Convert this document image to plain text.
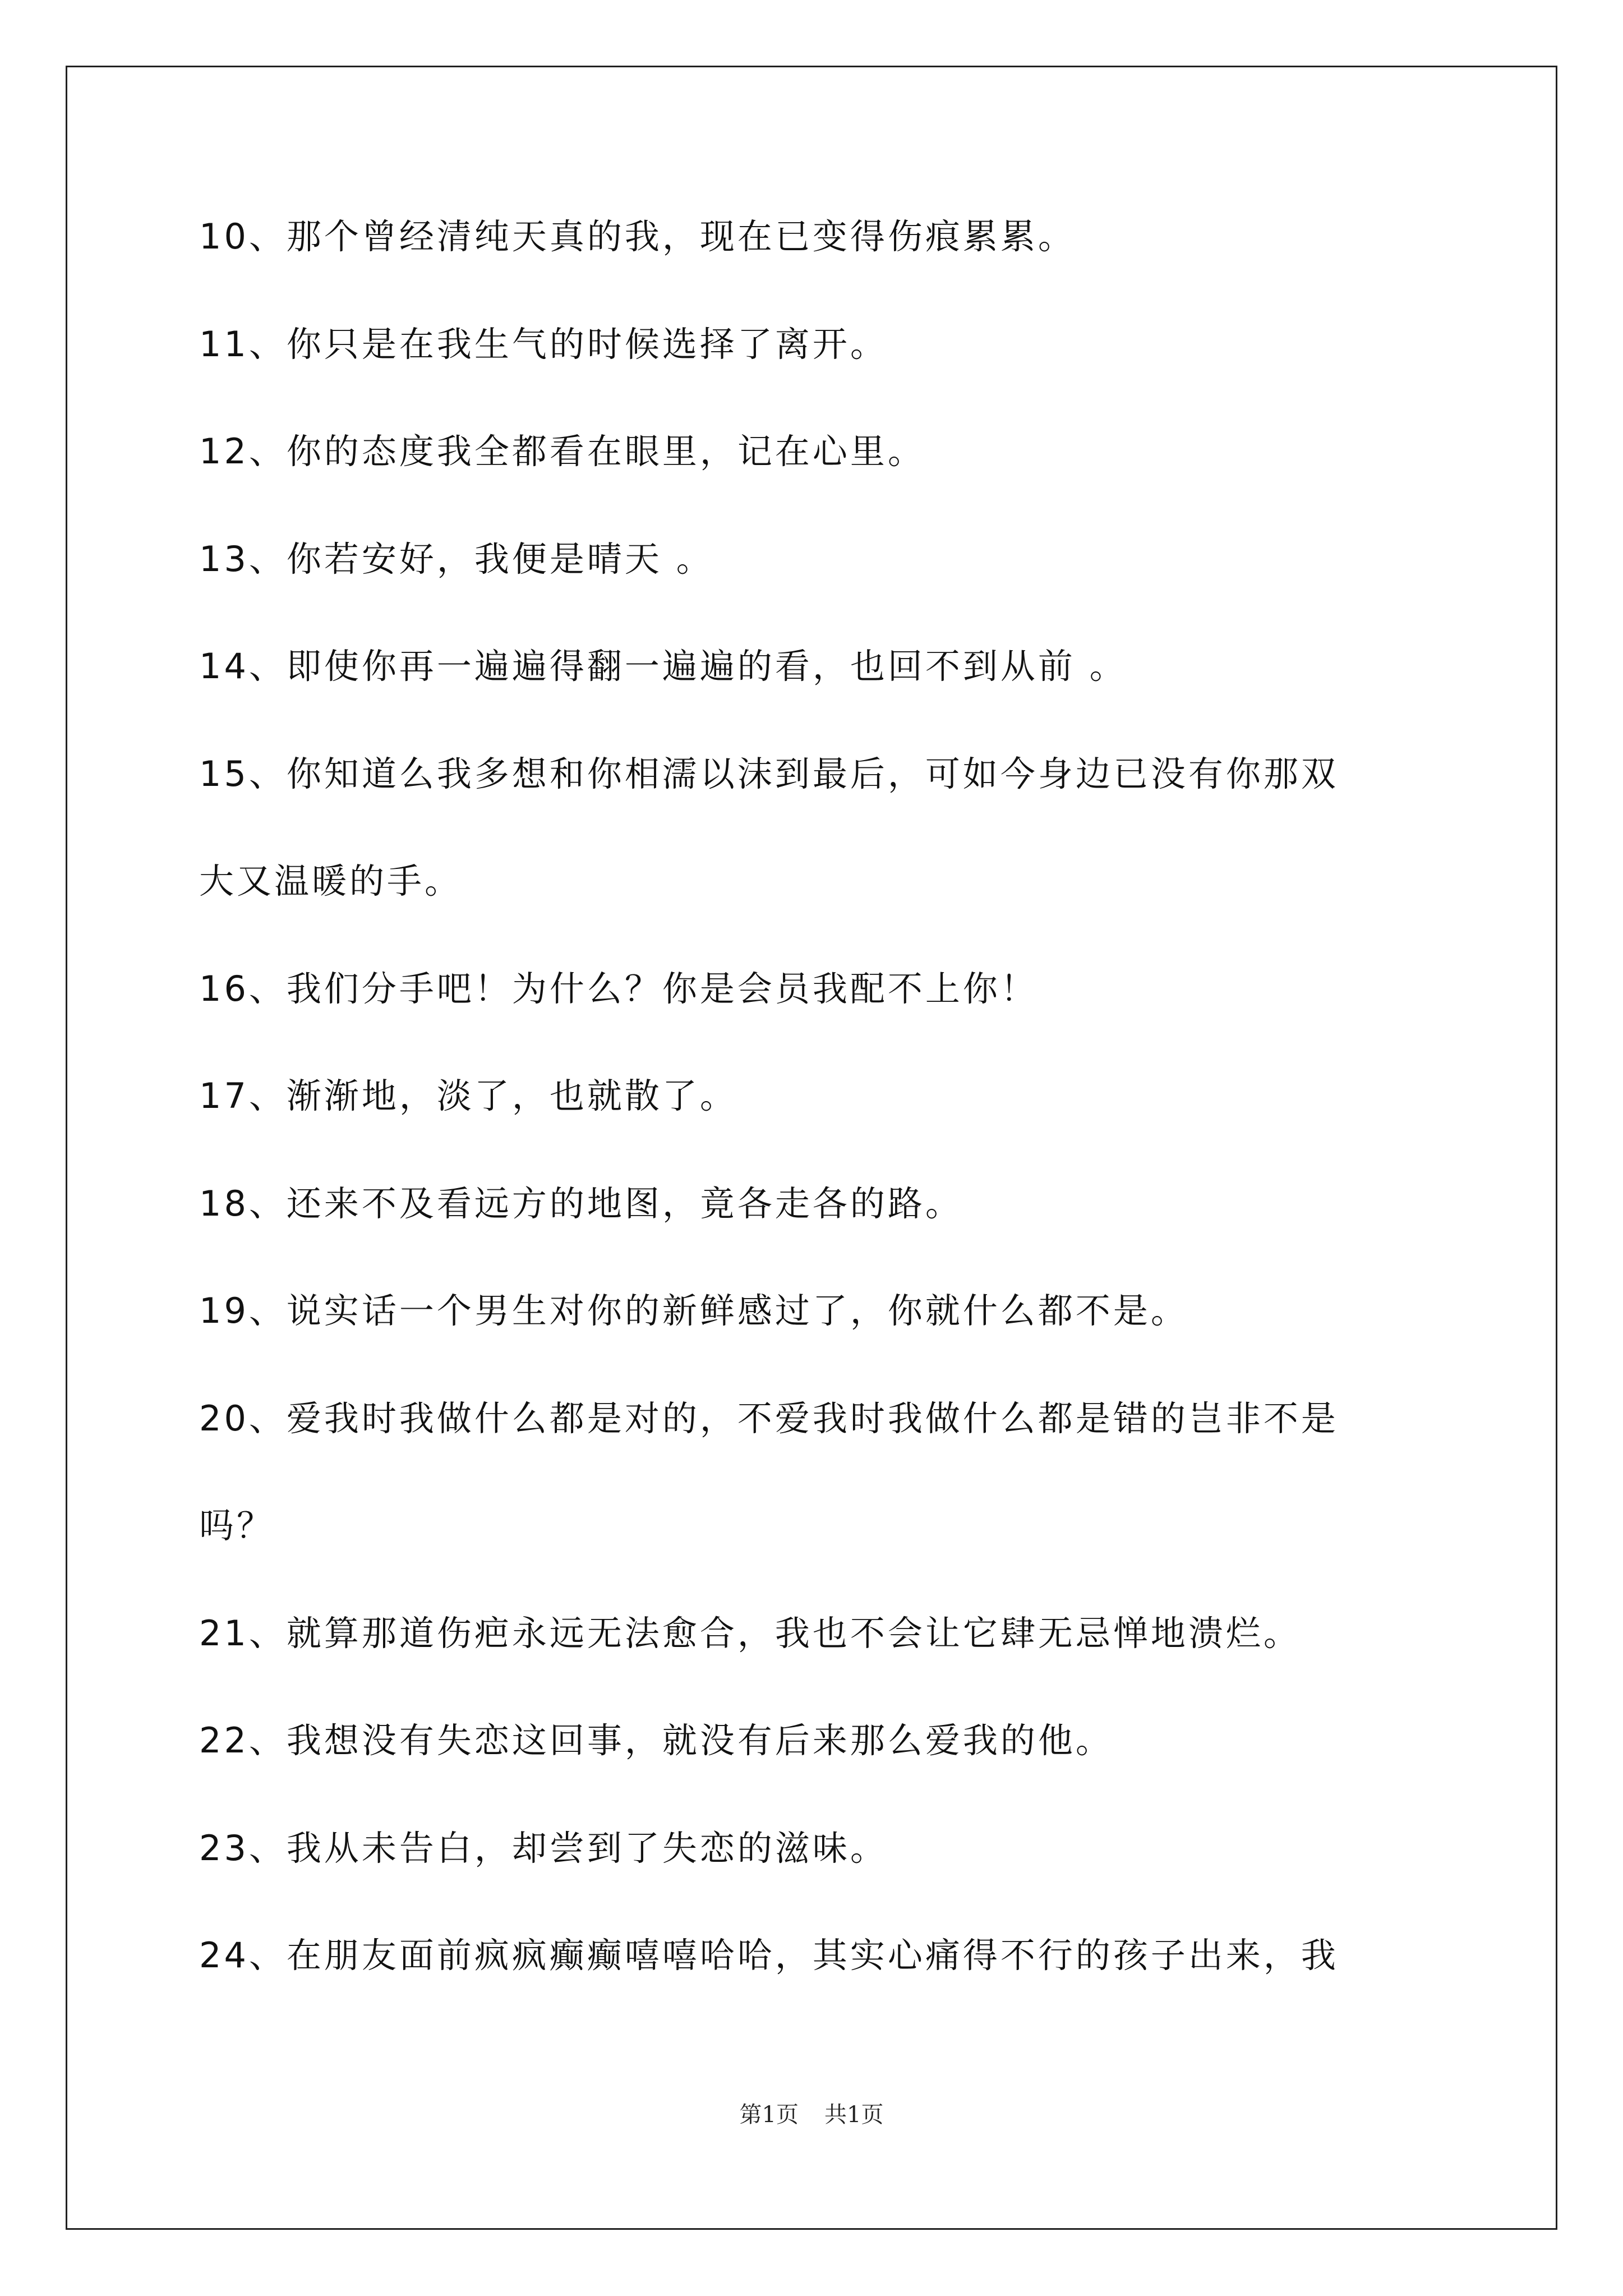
10、那个曾经清纯天真的我，现在已变得伤痕累累。
11、你只是在我生气的时候选择了离开。
12、你的态度我全都看在眼里，记在心里。
13、你若安好，我便是晴天 。
14、即使你再一遍遍得翻一遍遍的看，也回不到从前 。
15、你知道么我多想和你相濡以沫到最后，可如今身边已没有你那双
大又温暖的手。
16、我们分手吧！为什么？你是会员我配不上你！
17、渐渐地，淡了，也就散了。
18、还来不及看远方的地图，竟各走各的路。
19、说实话一个男生对你的新鲜感过了，你就什么都不是。
20、爱我时我做什么都是对的，不爱我时我做什么都是错的岂非不是
吗？
21、就算那道伤疤永远无法愈合，我也不会让它肆无忌惮地溃烂。
22、我想没有失恋这回事，就没有后来那么爱我的他。
23、我从未告白，却尝到了失恋的滋味。
24、在朋友面前疯疯癫癫嘻嘻哈哈，其实心痛得不行的孩子出来，我
第1页 共1页
